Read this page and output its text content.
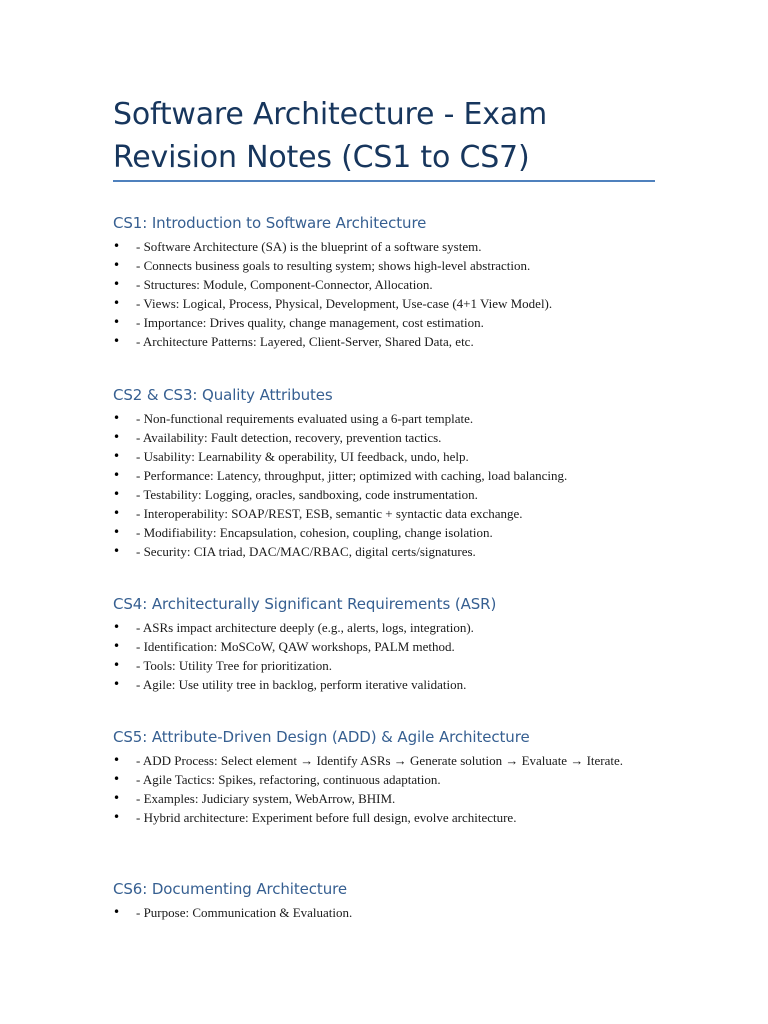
Software Architecture - Exam Revision Notes (CS1 to CS7)
CS1: Introduction to Software Architecture
• - Software Architecture (SA) is the blueprint of a software system.
• - Connects business goals to resulting system; shows high-level abstraction.
• - Structures: Module, Component-Connector, Allocation.
• - Views: Logical, Process, Physical, Development, Use-case (4+1 View Model).
• - Importance: Drives quality, change management, cost estimation.
• - Architecture Patterns: Layered, Client-Server, Shared Data, etc.
CS2 & CS3: Quality Attributes
• - Non-functional requirements evaluated using a 6-part template.
• - Availability: Fault detection, recovery, prevention tactics.
• - Usability: Learnability & operability, UI feedback, undo, help.
• - Performance: Latency, throughput, jitter; optimized with caching, load balancing.
• - Testability: Logging, oracles, sandboxing, code instrumentation.
• - Interoperability: SOAP/REST, ESB, semantic + syntactic data exchange.
• - Modifiability: Encapsulation, cohesion, coupling, change isolation.
• - Security: CIA triad, DAC/MAC/RBAC, digital certs/signatures.
CS4: Architecturally Significant Requirements (ASR)
• - ASRs impact architecture deeply (e.g., alerts, logs, integration).
• - Identification: MoSCoW, QAW workshops, PALM method.
• - Tools: Utility Tree for prioritization.
• - Agile: Use utility tree in backlog, perform iterative validation.
CS5: Attribute-Driven Design (ADD) & Agile Architecture
• - ADD Process: Select element → Identify ASRs → Generate solution → Evaluate → Iterate.
• - Agile Tactics: Spikes, refactoring, continuous adaptation.
• - Examples: Judiciary system, WebArrow, BHIM.
• - Hybrid architecture: Experiment before full design, evolve architecture.
CS6: Documenting Architecture
• - Purpose: Communication & Evaluation.
